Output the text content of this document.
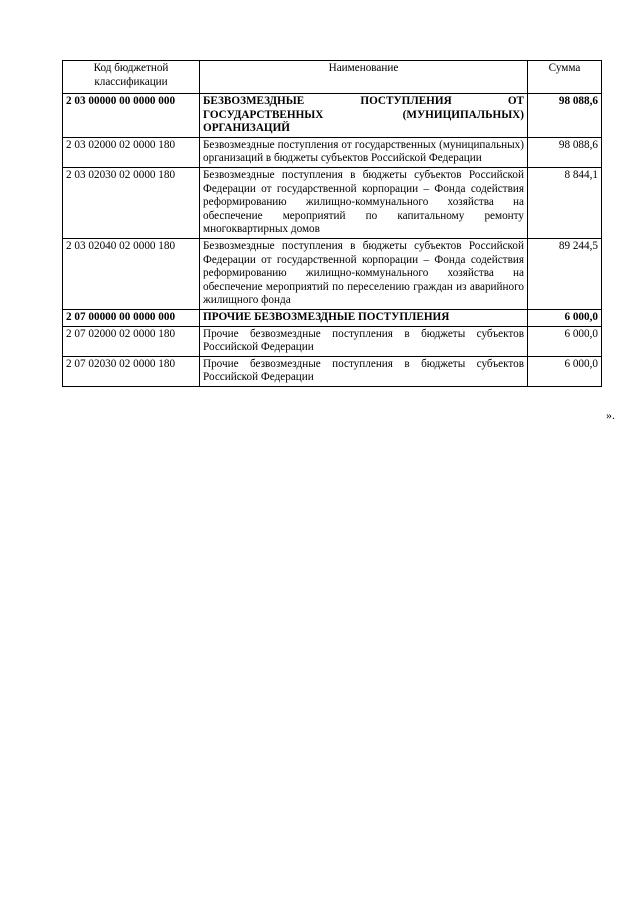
Код бюджетной классификации	Наименование	Сумма
2 03 00000 00 0000 000	БЕЗВОЗМЕЗДНЫЕ ПОСТУПЛЕНИЯ ОТ ГОСУДАРСТВЕННЫХ (МУНИЦИПАЛЬНЫХ) ОРГАНИЗАЦИЙ	98 088,6
2 03 02000 02 0000 180	Безвозмездные поступления от государственных (муниципальных) организаций в бюджеты субъектов Российской Федерации	98 088,6
2 03 02030 02 0000 180	Безвозмездные поступления в бюджеты субъектов Российской Федерации от государственной корпорации – Фонда содействия реформированию жилищно-коммунального хозяйства на обеспечение мероприятий по капитальному ремонту многоквартирных домов	8 844,1
2 03 02040 02 0000 180	Безвозмездные поступления в бюджеты субъектов Российской Федерации от государственной корпорации – Фонда содействия реформированию жилищно-коммунального хозяйства на обеспечение мероприятий по переселению граждан из аварийного жилищного фонда	89 244,5
2 07 00000 00 0000 000	ПРОЧИЕ БЕЗВОЗМЕЗДНЫЕ ПОСТУПЛЕНИЯ	6 000,0
2 07 02000 02 0000 180	Прочие безвозмездные поступления в бюджеты субъектов Российской Федерации	6 000,0
2 07 02030 02 0000 180	Прочие безвозмездные поступления в бюджеты субъектов Российской Федерации	6 000,0
».
